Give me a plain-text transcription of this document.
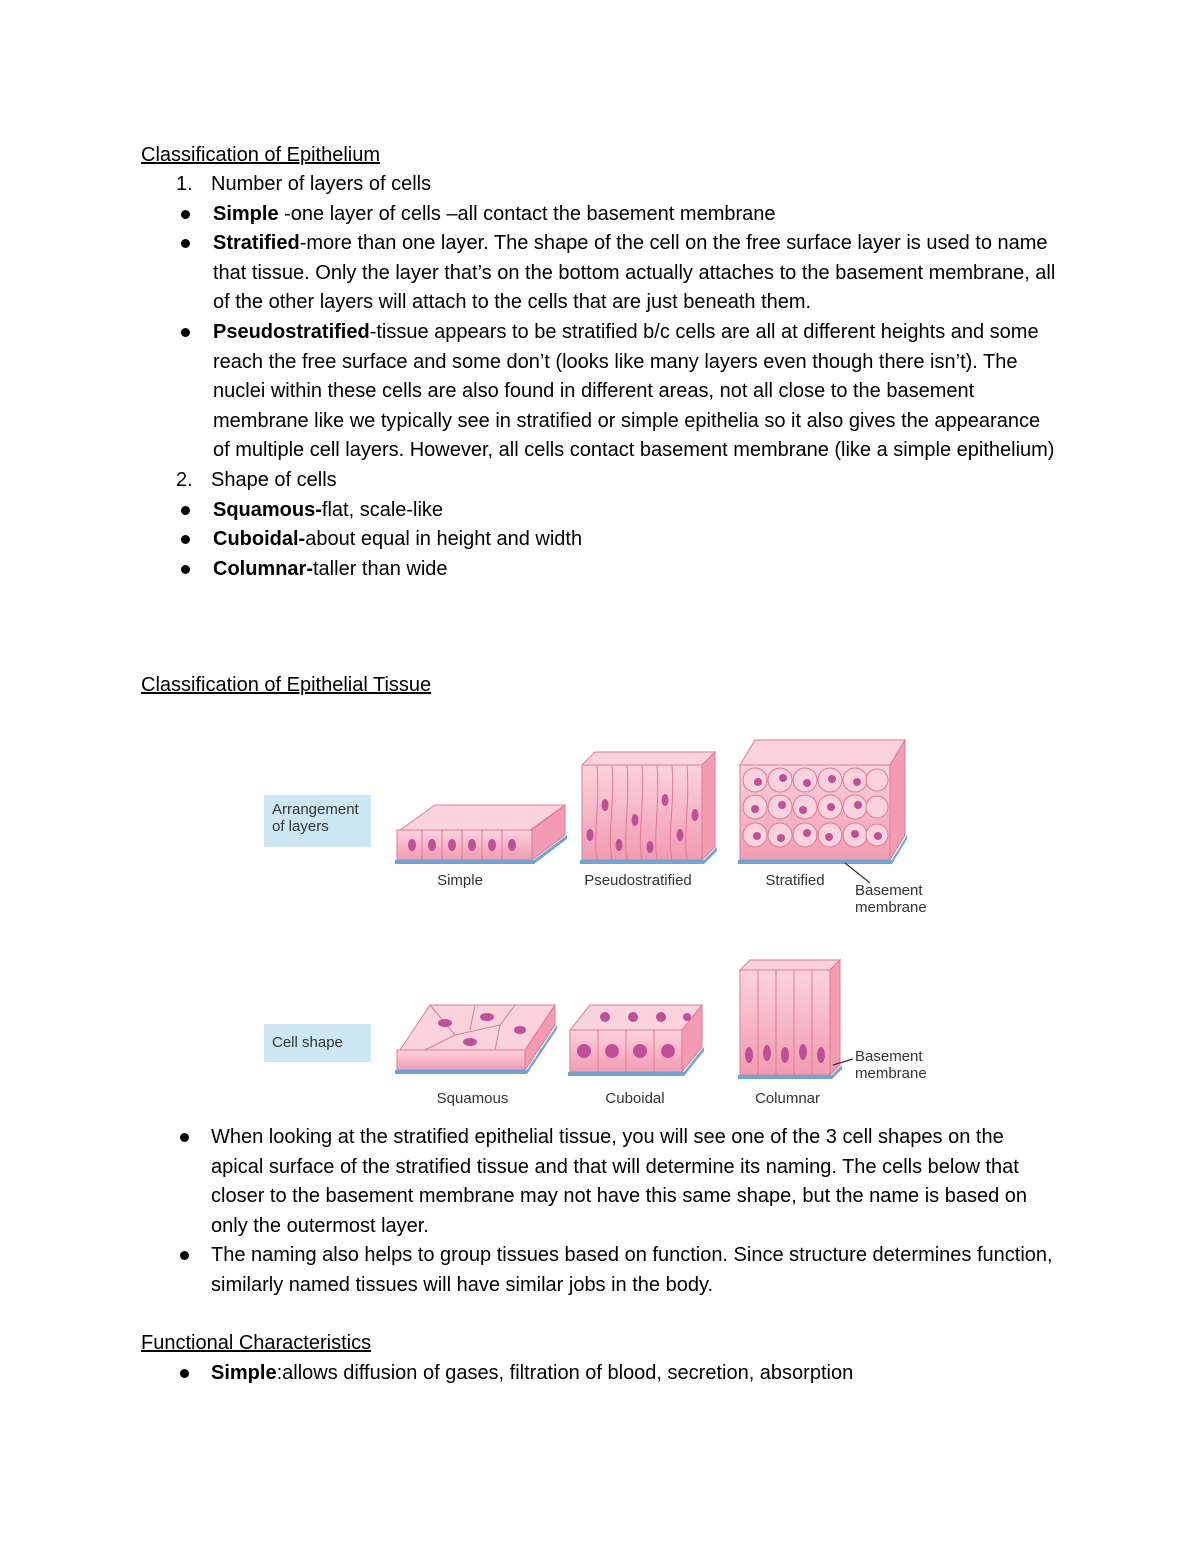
Classification of Epithelium
1. Number of layers of cells
Simple -one layer of cells –all contact the basement membrane
Stratified-more than one layer. The shape of the cell on the free surface layer is used to name that tissue. Only the layer that’s on the bottom actually attaches to the basement membrane, all of the other layers will attach to the cells that are just beneath them.
Pseudostratified-tissue appears to be stratified b/c cells are all at different heights and some reach the free surface and some don’t (looks like many layers even though there isn’t). The nuclei within these cells are also found in different areas, not all close to the basement membrane like we typically see in stratified or simple epithelia so it also gives the appearance of multiple cell layers. However, all cells contact basement membrane (like a simple epithelium)
2. Shape of cells
Squamous-flat, scale-like
Cuboidal-about equal in height and width
Columnar-taller than wide
Classification of Epithelial Tissue
Arrangement of layers
Cell shape
Simple	Pseudostratified	Stratified
Basement membrane
Squamous	Cuboidal	Columnar
Basement membrane
When looking at the stratified epithelial tissue, you will see one of the 3 cell shapes on the apical surface of the stratified tissue and that will determine its naming. The cells below that closer to the basement membrane may not have this same shape, but the name is based on only the outermost layer.
The naming also helps to group tissues based on function. Since structure determines function, similarly named tissues will have similar jobs in the body.
Functional Characteristics
Simple:allows diffusion of gases, filtration of blood, secretion, absorption
